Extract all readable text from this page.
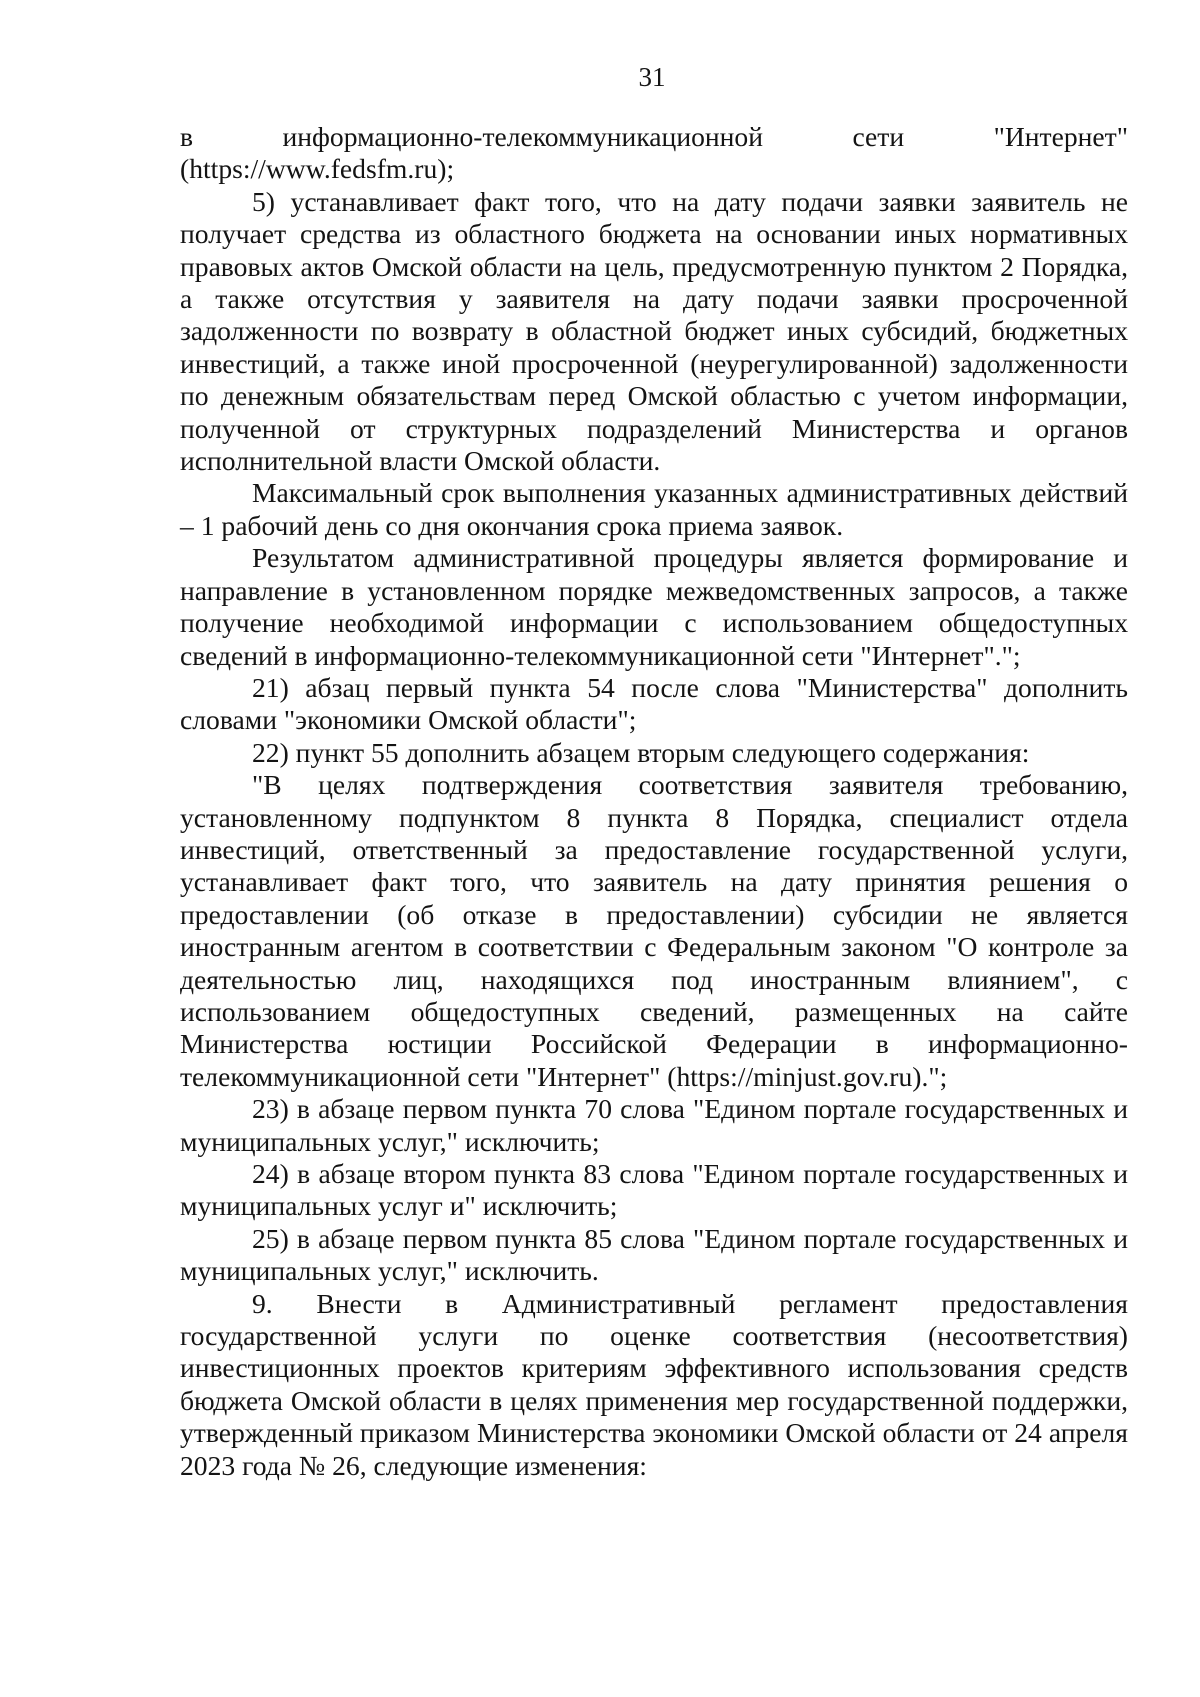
31

в информационно-телекоммуникационной сети "Интернет"

(https://www.fedsfm.ru);

5) устанавливает факт того, что на дату подачи заявки заявитель не получает средства из областного бюджета на основании иных нормативных правовых актов Омской области на цель, предусмотренную пунктом 2 Порядка, а также отсутствия у заявителя на дату подачи заявки просроченной задолженности по возврату в областной бюджет иных субсидий, бюджетных инвестиций, а также иной просроченной (неурегулированной) задолженности по денежным обязательствам перед Омской областью с учетом информации, полученной от структурных подразделений Министерства и органов исполнительной власти Омской области.

Максимальный срок выполнения указанных административных действий – 1 рабочий день со дня окончания срока приема заявок.

Результатом административной процедуры является формирование и направление в установленном порядке межведомственных запросов, а также получение необходимой информации с использованием общедоступных сведений в информационно-телекоммуникационной сети "Интернет".";

21) абзац первый пункта 54 после слова "Министерства" дополнить словами "экономики Омской области";

22) пункт 55 дополнить абзацем вторым следующего содержания:

"В целях подтверждения соответствия заявителя требованию, установленному подпунктом 8 пункта 8 Порядка, специалист отдела инвестиций, ответственный за предоставление государственной услуги, устанавливает факт того, что заявитель на дату принятия решения о предоставлении (об отказе в предоставлении) субсидии не является иностранным агентом в соответствии с Федеральным законом "О контроле за деятельностью лиц, находящихся под иностранным влиянием", с использованием общедоступных сведений, размещенных на сайте Министерства юстиции Российской Федерации в информационно-телекоммуникационной сети "Интернет" (https://minjust.gov.ru).";

23) в абзаце первом пункта 70 слова "Едином портале государственных и муниципальных услуг," исключить;

24) в абзаце втором пункта 83 слова "Едином портале государственных и муниципальных услуг и" исключить;

25) в абзаце первом пункта 85 слова "Едином портале государственных и муниципальных услуг," исключить.

9. Внести в Административный регламент предоставления государственной услуги по оценке соответствия (несоответствия) инвестиционных проектов критериям эффективного использования средств бюджета Омской области в целях применения мер государственной поддержки, утвержденный приказом Министерства экономики Омской области от 24 апреля 2023 года № 26, следующие изменения:
